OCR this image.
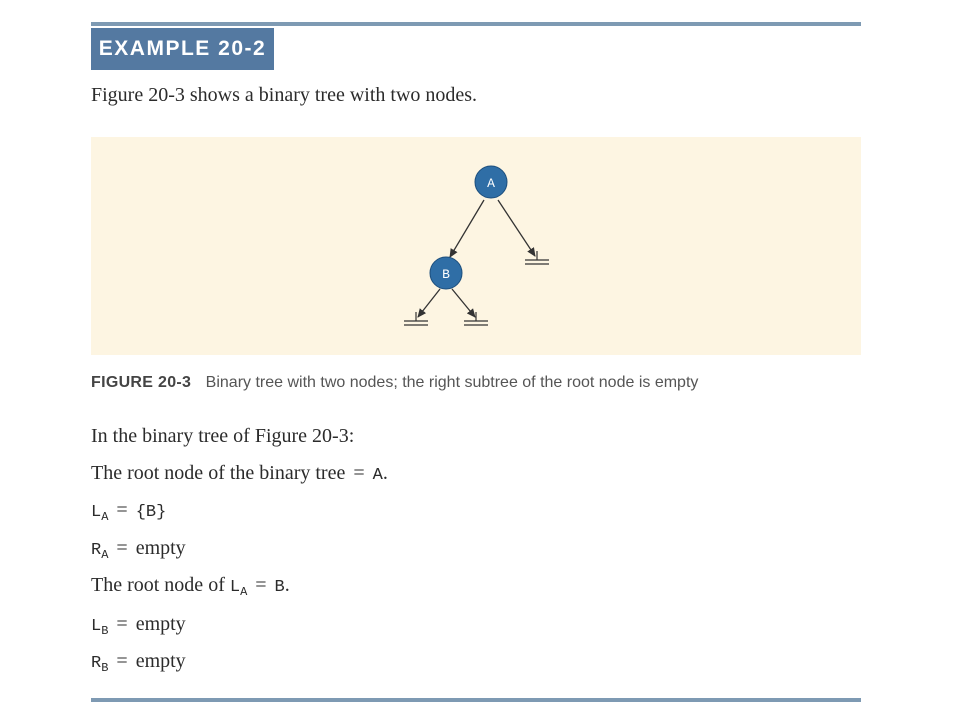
EXAMPLE 20-2
Figure 20-3 shows a binary tree with two nodes.
A
B
FIGURE 20-3 Binary tree with two nodes; the right subtree of the root node is empty
In the binary tree of Figure 20-3:
The root node of the binary tree = A.
$L_A = \{B\}$
$R_A$ = empty
The root node of $L_A = B$.
$L_B$ = empty
$R_B$ = empty
